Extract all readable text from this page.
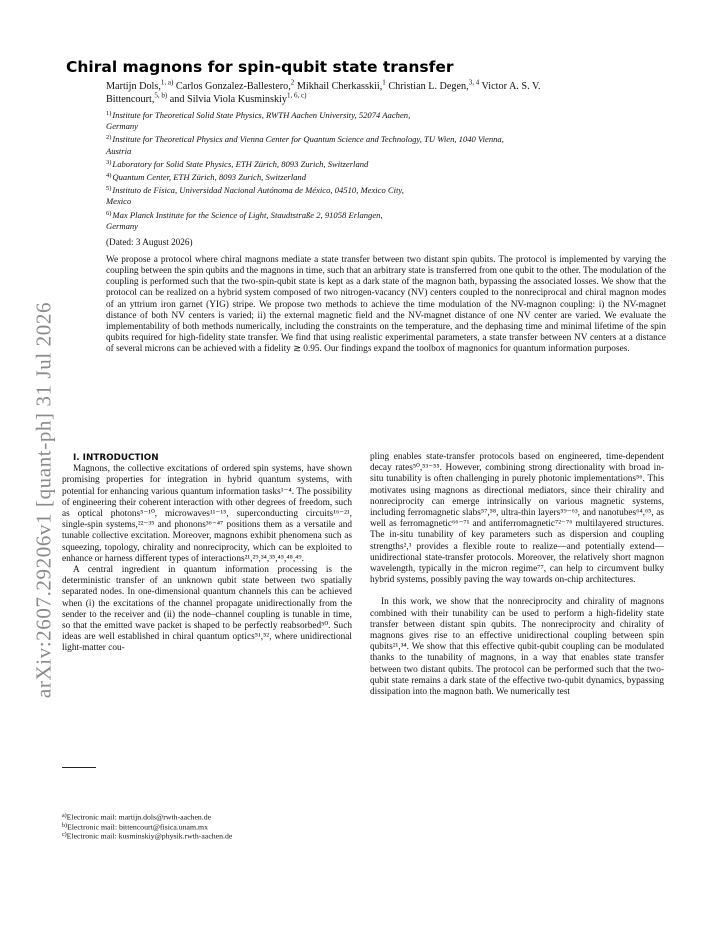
arXiv:2607.29206v1 [quant-ph] 31 Jul 2026
Chiral magnons for spin-qubit state transfer
Martijn Dols,$^{1, a)}$ Carlos Gonzalez-Ballestero,$^2$ Mikhail Cherkasskii,$^1$ Christian L. Degen,$^{3, 4}$ Victor A. S. V.
Bittencourt,$^{5, b)}$ and Silvia Viola Kusminskiy$^{1, 6, c)}$

$^{1)}$Institute for Theoretical Solid State Physics, RWTH Aachen University, 52074 Aachen,
Germany

$^{2)}$Institute for Theoretical Physics and Vienna Center for Quantum Science and Technology, TU Wien, 1040 Vienna,
Austria

$^{3)}$Laboratory for Solid State Physics, ETH Zürich, 8093 Zurich, Switzerland

$^{4)}$Quantum Center, ETH Zürich, 8093 Zurich, Switzerland

$^{5)}$Instituto de Física, Universidad Nacional Autónoma de México, 04510, Mexico City,
Mexico

$^{6)}$Max Planck Institute for the Science of Light, Staudtstraße 2, 91058 Erlangen,
Germany

(Dated: 3 August 2026)

We propose a protocol where chiral magnons mediate a state transfer between two distant spin qubits. The protocol is implemented by varying the coupling between the spin qubits and the magnons in time, such that an arbitrary state is transferred from one qubit to the other. The modulation of the coupling is performed such that the two-spin-qubit state is kept as a dark state of the magnon bath, bypassing the associated losses. We show that the protocol can be realized on a hybrid system composed of two nitrogen-vacancy (NV) centers coupled to the nonreciprocal and chiral magnon modes of an yttrium iron garnet (YIG) stripe. We propose two methods to achieve the time modulation of the NV-magnon coupling: i) the NV-magnet distance of both NV centers is varied; ii) the external magnetic field and the NV-magnet distance of one NV center are varied. We evaluate the implementability of both methods numerically, including the constraints on the temperature, and the dephasing time and minimal lifetime of the spin qubits required for high-fidelity state transfer. We find that using realistic experimental parameters, a state transfer between NV centers at a distance of several microns can be achieved with a fidelity ≳ 0.95. Our findings expand the toolbox of magnonics for quantum information purposes.

I. INTRODUCTION

Magnons, the collective excitations of ordered spin systems, have shown promising properties for integration in hybrid quantum systems, with potential for enhancing various quantum information tasks¹⁻⁴. The possibility of engineering their coherent interaction with other degrees of freedom, such as optical photons⁵⁻¹⁰, microwaves¹¹⁻¹⁵, superconducting circuits¹⁶⁻²¹, single-spin systems,²²⁻³⁵ and phonons³⁶⁻⁴⁷ positions them as a versatile and tunable collective excitation. Moreover, magnons exhibit phenomena such as squeezing, topology, chirality and nonreciprocity, which can be exploited to enhance or harness different types of interactions²¹,²⁹,³⁴,³⁵,⁴⁵,⁴⁸,⁴⁹.

A central ingredient in quantum information processing is the deterministic transfer of an unknown qubit state between two spatially separated nodes. In one-dimensional quantum channels this can be achieved when (i) the excitations of the channel propagate unidirectionally from the sender to the receiver and (ii) the node–channel coupling is tunable in time, so that the emitted wave packet is shaped to be perfectly reabsorbed⁵⁰. Such ideas are well established in chiral quantum optics⁵¹,⁵², where unidirectional light-matter cou-

pling enables state-transfer protocols based on engineered, time-dependent decay rates⁵⁰,⁵³⁻⁵⁵. However, combining strong directionality with broad in-situ tunability is often challenging in purely photonic implementations⁵⁶. This motivates using magnons as directional mediators, since their chirality and nonreciprocity can emerge intrinsically on various magnetic systems, including ferromagnetic slabs⁵⁷,⁵⁸, ultra-thin layers⁵⁹⁻⁶³, and nanotubes⁶⁴,⁶⁵, as well as ferromagnetic⁶⁶⁻⁷¹ and antiferromagnetic⁷²⁻⁷⁶ multilayered structures. The in-situ tunability of key parameters such as dispersion and coupling strengths²,³ provides a flexible route to realize—and potentially extend—unidirectional state-transfer protocols. Moreover, the relatively short magnon wavelength, typically in the micron regime⁷⁷, can help to circumvent bulky hybrid systems, possibly paving the way towards on-chip architectures.

In this work, we show that the nonreciprocity and chirality of magnons combined with their tunability can be used to perform a high-fidelity state transfer between distant spin qubits. The nonreciprocity and chirality of magnons gives rise to an effective unidirectional coupling between spin qubits²¹,³⁴. We show that this effective qubit-qubit coupling can be modulated thanks to the tunability of magnons, in a way that enables state transfer between two distant qubits. The protocol can be performed such that the two-qubit state remains a dark state of the effective two-qubit dynamics, bypassing dissipation into the magnon bath. We numerically test

$^{a)}$Electronic mail: martijn.dols@rwth-aachen.de

$^{b)}$Electronic mail: bittencourt@fisica.unam.mx

$^{c)}$Electronic mail: kusminskiy@physik.rwth-aachen.de
